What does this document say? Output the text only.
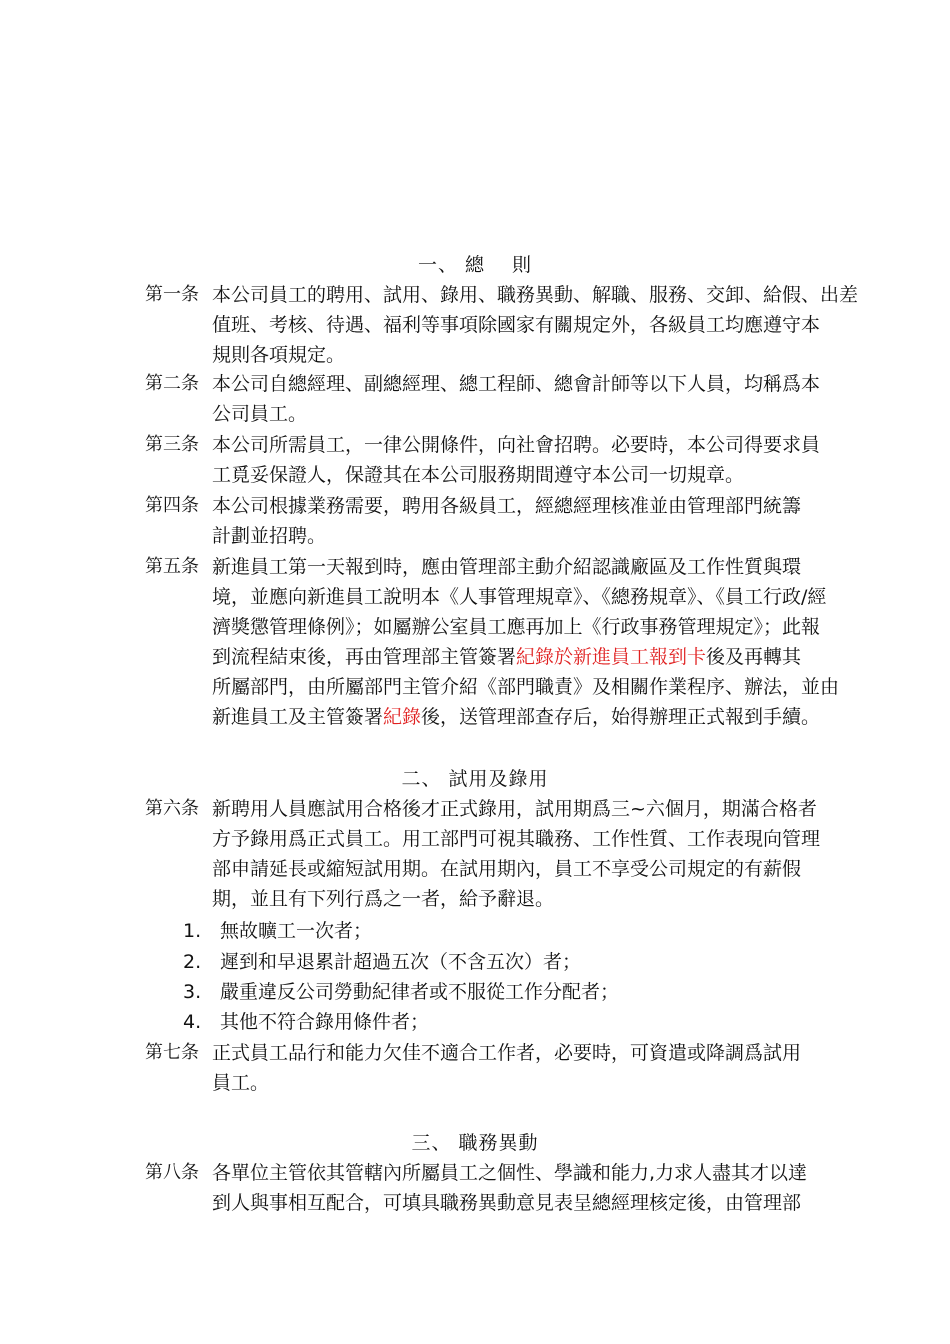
一、 總　 則
第一条 本公司員工的聘用、試用、錄用、職務異動、解職、服務、交卸、給假、出差
值班、考核、待遇、福利等事項除國家有關規定外，各級員工均應遵守本
規則各項規定。
第二条 本公司自總經理、副總經理、總工程師、總會計師等以下人員，均稱爲本
公司員工。
第三条 本公司所需員工，一律公開條件，向社會招聘。必要時，本公司得要求員
工覓妥保證人，保證其在本公司服務期間遵守本公司一切規章。
第四条 本公司根據業務需要，聘用各級員工，經總經理核准並由管理部門統籌
計劃並招聘。
第五条 新進員工第一天報到時，應由管理部主動介紹認識廠區及工作性質與環
境，並應向新進員工說明本《人事管理規章》、《總務規章》、《員工行政/經
濟獎懲管理條例》；如屬辦公室員工應再加上《行政事務管理規定》；此報
到流程結束後，再由管理部主管簽署紀錄於新進員工報到卡後及再轉其
所屬部門，由所屬部門主管介紹《部門職責》及相關作業程序、辦法，並由
新進員工及主管簽署紀錄後，送管理部查存后，始得辦理正式報到手續。
二、 試用及錄用
第六条 新聘用人員應試用合格後才正式錄用，試用期爲三~六個月，期滿合格者
方予錄用爲正式員工。用工部門可視其職務、工作性質、工作表現向管理
部申請延長或縮短試用期。在試用期內，員工不享受公司規定的有薪假
期，並且有下列行爲之一者，給予辭退。
1. 無故曠工一次者；
2. 遲到和早退累計超過五次（不含五次）者；
3. 嚴重違反公司勞動紀律者或不服從工作分配者；
4. 其他不符合錄用條件者；
第七条 正式員工品行和能力欠佳不適合工作者，必要時，可資遣或降調爲試用
員工。
三、 職務異動
第八条 各單位主管依其管轄內所屬員工之個性、學識和能力,力求人盡其才以達
到人與事相互配合，可填具職務異動意見表呈總經理核定後，由管理部
